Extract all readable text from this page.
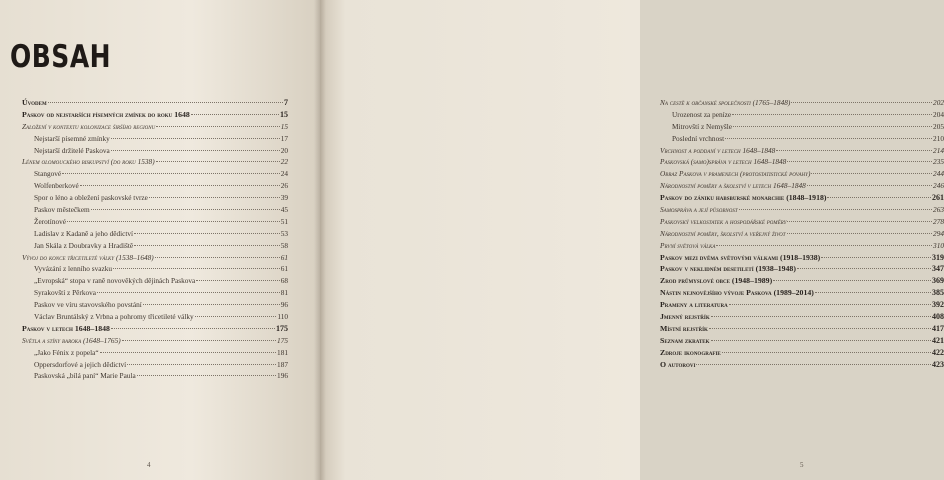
OBSAH
Úvodem	7
Paskov od nejstarších písemných zmínek do roku 1648	15
Založení v kontextu kolonizace širšího regionu	15
Nejstarší písemné zmínky	17
Nejstarší držitelé Paskova	20
Lénem olomouckého biskupství (do roku 1538)	22
Stangové	24
Wolfenberkové	26
Spor o léno a obležení paskovské tvrze	39
Paskov městečkem	45
Žerotínové	51
Ladislav z Kadaně a jeho dědictví	53
Jan Skála z Doubravky a Hradiště	58
Vývoj do konce třicetileté války (1538–1648)	61
Vyvázání z lenního svazku	61
„Evropská“ stopa v raně novověkých dějinách Paskova	68
Syrakovští z Pěrkova	81
Paskov ve víru stavovského povstání	96
Václav Bruntálský z Vrbna a pohromy třicetileté války	110
Paskov v letech 1648–1848	175
Světla a stíny baroka (1648–1765)	175
„Jako Fénix z popela“	181
Oppersdorfové a jejich dědictví	187
Paskovská „bílá paní“ Marie Paula	196
4
Na cestě k občanské společnosti (1765–1848)	202
Urozenost za peníze	204
Mitrovští z Nemyšle	205
Poslední vrchnost	210
Vrchnost a poddaní v letech 1648–1848	214
Paskovská (samo)správa v letech 1648–1848	235
Obraz Paskova v pramenech (protostatistické povahy)	244
Národnostní poměry a školství v letech 1648–1848	246
Paskov do zániku habsburské monarchie (1848–1918)	261
Samospráva a její působnost	263
Paskovský velkostatek a hospodářské poměry	278
Národnostní poměry, školství a veřejný život	294
První světová válka	310
Paskov mezi dvěma světovými válkami (1918–1938)	319
Paskov v neklidném desetiletí (1938–1948)	347
Zrod průmyslové obce (1948–1989)	369
Nástin nejnovějšího vývoje Paskova (1989–2014)	385
Prameny a literatura	392
Jmenný rejstřík	408
Místní rejstřík	417
Seznam zkratek	421
Zdroje ikonografie	422
O autorovi	423
5
